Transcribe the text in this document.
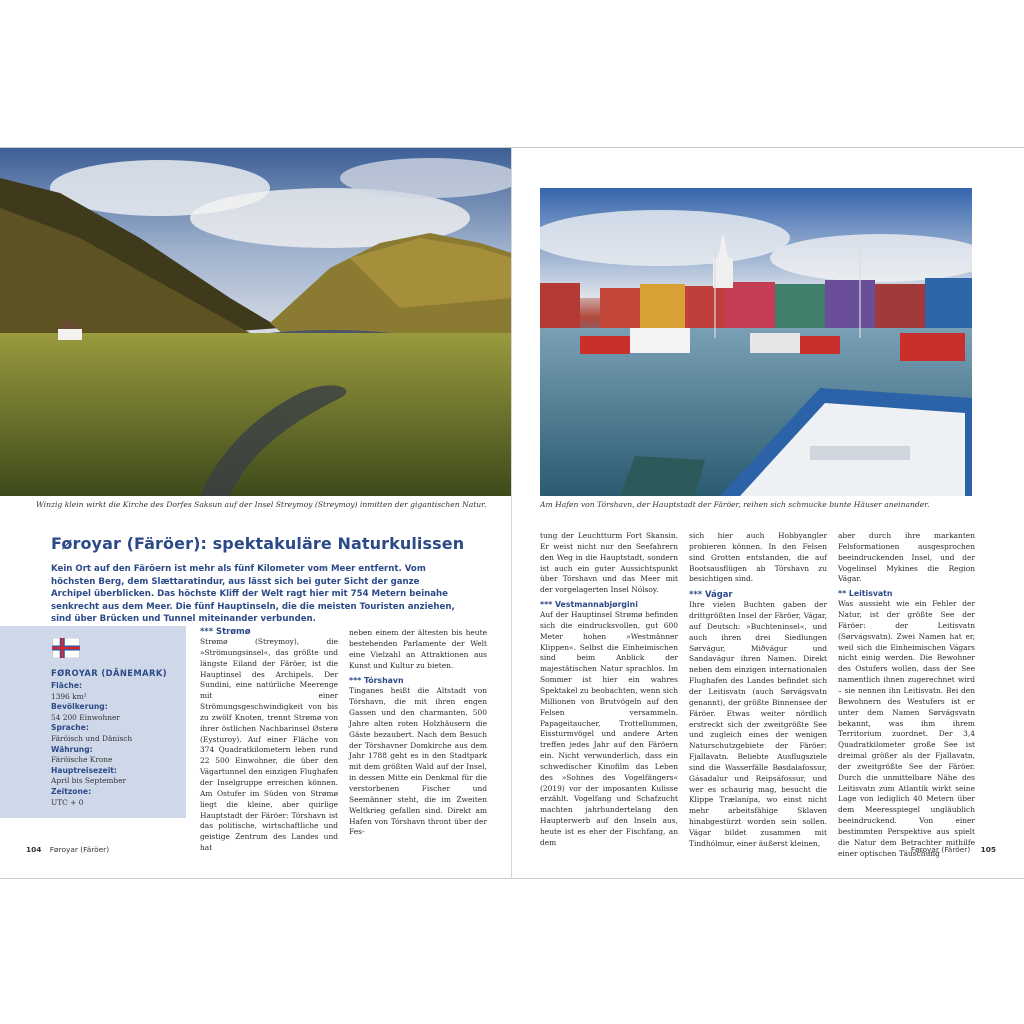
Winzig klein wirkt die Kirche des Dorfes Saksun auf der Insel Streymoy (Streymoy) inmitten der gigantischen Natur.
Føroyar (Färöer): spektakuläre Naturkulissen

Kein Ort auf den Färöern ist mehr als fünf Kilometer vom Meer entfernt. Vom höchsten Berg, dem Slættaratindur, aus lässt sich bei guter Sicht der ganze Archipel überblicken. Das höchste Kliff der Welt ragt hier mit 754 Metern beinahe senkrecht aus dem Meer. Die fünf Hauptinseln, die die meisten Touristen anziehen, sind über Brücken und Tunnel miteinander verbunden.

FØROYAR (DÄNEMARK)
Fläche:
1396 km²
Bevölkerung:
54 200 Einwohner
Sprache:
Färöisch und Dänisch
Währung:
Färöische Krone
Hauptreisezeit:
April bis September
Zeitzone:
UTC + 0
*** Strømø

Strømø (Streymoy), die »Strömungsinsel«, das größte und längste Eiland der Färöer, ist die Hauptinsel des Archipels. Der Sundini, eine natürliche Meerenge mit einer Strömungsgeschwindigkeit von bis zu zwölf Knoten, trennt Strømø von ihrer östlichen Nachbarinsel Østerø (Eysturoy). Auf einer Fläche von 374 Quadratkilometern leben rund 22 500 Einwohner, die über den Vágartunnel den einzigen Flughafen der Inselgruppe erreichen können. Am Ostufer im Süden von Strømø liegt die kleine, aber quirlige Hauptstadt der Färöer: Tórshavn ist das politische, wirtschaftliche und geistige Zentrum des Landes und hat

neben einem der ältesten bis heute bestehenden Parlamente der Welt eine Vielzahl an Attraktionen aus Kunst und Kultur zu bieten.

*** Tórshavn

Tinganes heißt die Altstadt von Tórshavn, die mit ihren engen Gassen und den charmanten, 500 Jahre alten roten Holzhäusern die Gäste bezaubert. Nach dem Besuch der Tórshavner Domkirche aus dem Jahr 1788 geht es in den Stadtpark mit dem größten Wald auf der Insel, in dessen Mitte ein Denkmal für die verstorbenen Fischer und Seemänner steht, die im Zweiten Weltkrieg gefallen sind. Direkt am Hafen von Tórshavn thront über der Fes-

104 Føroyar (Färöer)
Am Hafen von Tórshavn, der Hauptstadt der Färöer, reihen sich schmucke bunte Häuser aneinander.

tung der Leuchtturm Fort Skansin. Er weist nicht nur den Seefahrern den Weg in die Hauptstadt, sondern ist auch ein guter Aussichtspunkt über Tórshavn und das Meer mit der vorgelagerten Insel Nólsoy.

*** Vestmannabjørgini

Auf der Hauptinsel Strømø befinden sich die eindrucksvollen, gut 600 Meter hohen »Westmänner Klippen«. Selbst die Einheimischen sind beim Anblick der majestätischen Natur sprachlos. Im Sommer ist hier ein wahres Spektakel zu beobachten, wenn sich Millionen von Brutvögeln auf den Felsen versammeln. Papageitaucher, Trottellummen, Eissturmvögel und andere Arten treffen jedes Jahr auf den Färöern ein. Nicht verwunderlich, dass ein schwedischer Kinofilm das Leben des »Sohnes des Vogelfängers« (2019) vor der imposanten Kulisse erzählt. Vogelfang und Schafzucht machten jahrhundertelang den Haupterwerb auf den Inseln aus, heute ist es eher der Fischfang, an dem

sich hier auch Hobbyangler probieren können. In den Felsen sind Grotten entstanden, die auf Bootsausflügen ab Tórshavn zu besichtigen sind.

*** Vágar

Ihre vielen Buchten gaben der drittgrößten Insel der Färöer, Vágar, auf Deutsch: »Buchteninsel«, und auch ihren drei Siedlungen Sørvágur, Miðvágur und Sandavágur ihren Namen. Direkt neben dem einzigen internationalen Flughafen des Landes befindet sich der Leitisvatn (auch Sørvágsvatn genannt), der größte Binnensee der Färöer. Etwas weiter nördlich erstreckt sich der zweitgrößte See und zugleich eines der wenigen Naturschutzgebiete der Färöer: Fjallavatn. Beliebte Ausflugsziele sind die Wasserfälle Bøsdalafossur, Gásadalur und Reipsáfossur, und wer es schaurig mag, besucht die Klippe Trælanípa, wo einst nicht mehr arbeitsfähige Sklaven hinabgestürzt worden sein sollen. Vágar bildet zusammen mit Tindhólmur, einer äußerst kleinen,

aber durch ihre markanten Felsformationen ausgesprochen beeindruckenden Insel, und der Vogelinsel Mykines die Region Vágar.

** Leitisvatn

Was aussieht wie ein Fehler der Natur, ist der größte See der Färöer: der Leitisvatn (Sørvágsvatn). Zwei Namen hat er, weil sich die Einheimischen Vágars nicht einig werden. Die Bewohner des Ostufers wollen, dass der See namentlich ihnen zugerechnet wird – sie nennen ihn Leitisvatn. Bei den Bewohnern des Westufers ist er unter dem Namen Sørvágsvatn bekannt, was ihm ihrem Territorium zuordnet. Der 3,4 Quadratkilometer große See ist dreimal größer als der Fjallavatn, der zweitgrößte See der Färöer. Durch die unmittelbare Nähe des Leitisvatn zum Atlantik wirkt seine Lage von lediglich 40 Metern über dem Meeresspiegel ungläublich beeindruckend. Von einer bestimmten Perspektive aus spielt die Natur dem Betrachter mithilfe einer optischen Täuschung

Føroyar (Färöer) 105
